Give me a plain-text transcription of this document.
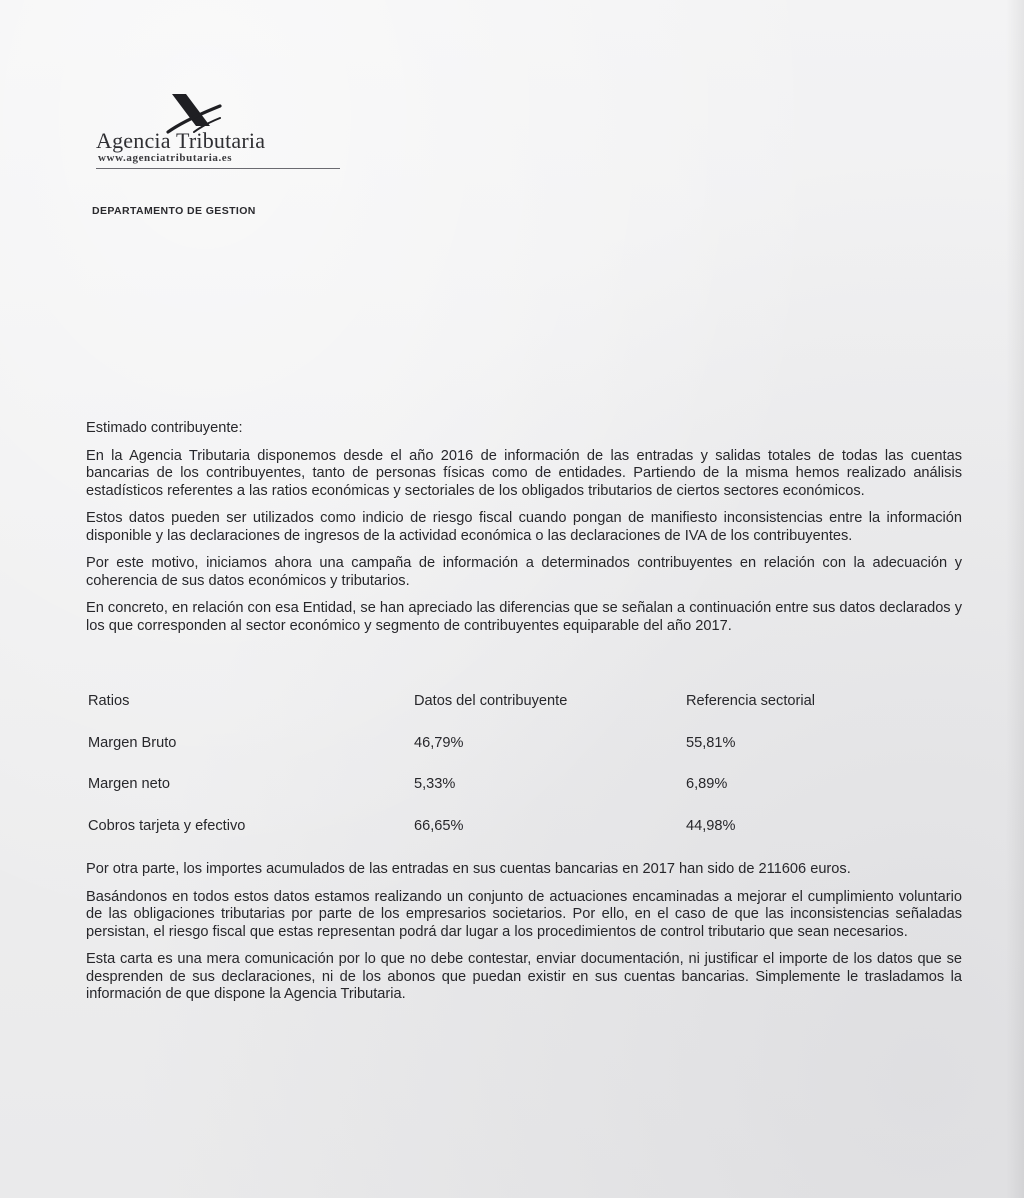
Agencia Tributaria
www.agenciatributaria.es
DEPARTAMENTO DE GESTION

Estimado contribuyente:

En la Agencia Tributaria disponemos desde el año 2016 de información de las entradas y salidas totales de todas las cuentas bancarias de los contribuyentes, tanto de personas físicas como de entidades. Partiendo de la misma hemos realizado análisis estadísticos referentes a las ratios económicas y sectoriales de los obligados tributarios de ciertos sectores económicos.

Estos datos pueden ser utilizados como indicio de riesgo fiscal cuando pongan de manifiesto inconsistencias entre la información disponible y las declaraciones de ingresos de la actividad económica o las declaraciones de IVA de los contribuyentes.

Por este motivo, iniciamos ahora una campaña de información a determinados contribuyentes en relación con la adecuación y coherencia de sus datos económicos y tributarios.

En concreto, en relación con esa Entidad, se han apreciado las diferencias que se señalan a continuación entre sus datos declarados y los que corresponden al sector económico y segmento de contribuyentes equiparable del año 2017.

Ratios	Datos del contribuyente	Referencia sectorial
Margen Bruto	46,79%	55,81%
Margen neto	5,33%	6,89%
Cobros tarjeta y efectivo	66,65%	44,98%

Por otra parte, los importes acumulados de las entradas en sus cuentas bancarias en 2017 han sido de 211606 euros.

Basándonos en todos estos datos estamos realizando un conjunto de actuaciones encaminadas a mejorar el cumplimiento voluntario de las obligaciones tributarias por parte de los empresarios societarios. Por ello, en el caso de que las inconsistencias señaladas persistan, el riesgo fiscal que estas representan podrá dar lugar a los procedimientos de control tributario que sean necesarios.

Esta carta es una mera comunicación por lo que no debe contestar, enviar documentación, ni justificar el importe de los datos que se desprenden de sus declaraciones, ni de los abonos que puedan existir en sus cuentas bancarias. Simplemente le trasladamos la información de que dispone la Agencia Tributaria.
